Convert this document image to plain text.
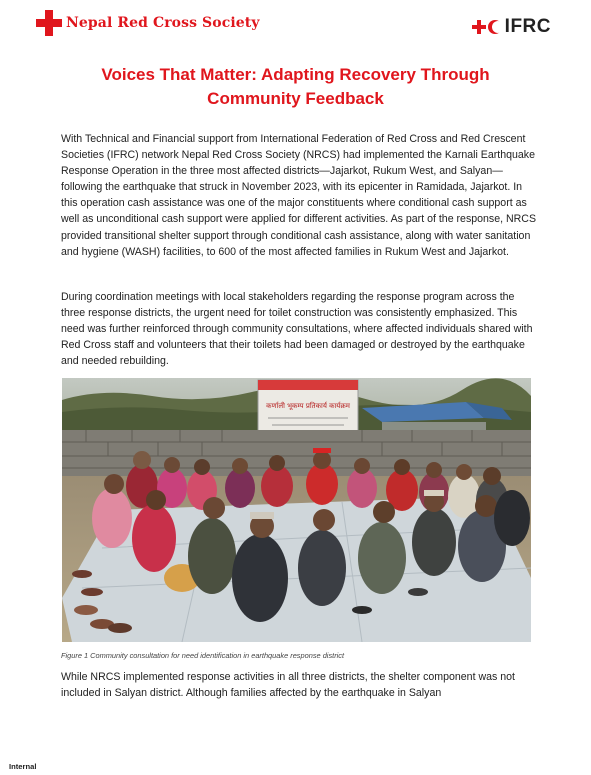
Nepal Red Cross Society	IFRC
Voices That Matter: Adapting Recovery Through Community Feedback

With Technical and Financial support from International Federation of Red Cross and Red Crescent Societies (IFRC) network Nepal Red Cross Society (NRCS) had implemented the Karnali Earthquake Response Operation in the three most affected districts—Jajarkot, Rukum West, and Salyan—following the earthquake that struck in November 2023, with its epicenter in Ramidada, Jajarkot. In this operation cash assistance was one of the major constituents where conditional cash support as well as unconditional cash support were applied for different activities. As part of the response, NRCS provided transitional shelter support through conditional cash assistance, along with water sanitation and hygiene (WASH) facilities, to 600 of the most affected families in Rukum West and Jajarkot.

During coordination meetings with local stakeholders regarding the response program across the three response districts, the urgent need for toilet construction was consistently emphasized. This need was further reinforced through community consultations, where affected individuals shared with Red Cross staff and volunteers that their toilets had been damaged or destroyed by the earthquake and needed rebuilding.

कर्णाली भूकम्प प्रतिकार्य कार्यक्रम

Figure 1 Community consultation for need identification in earthquake response district

While NRCS implemented response activities in all three districts, the shelter component was not included in Salyan district. Although families affected by the earthquake in Salyan

Internal
